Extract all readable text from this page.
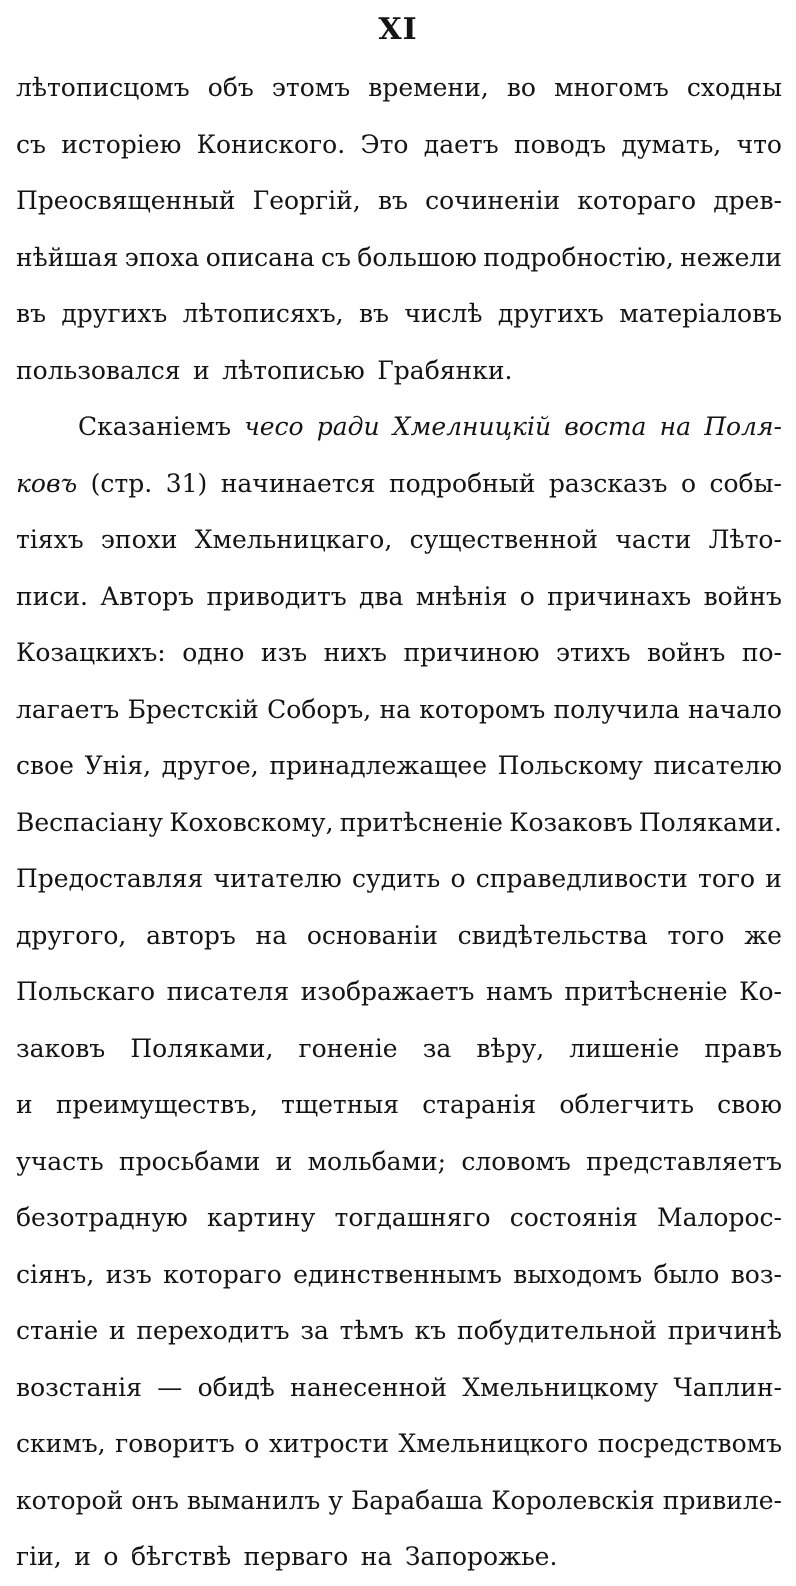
XI
лѣтописцомъ объ этомъ времени, во многомъ сходны
съ исторіею Кониского. Это даетъ поводъ думать, что
Преосвященный Георгій, въ сочиненіи котораго древ-
нѣйшая эпоха описана съ большою подробностію, нежели
въ другихъ лѣтописяхъ, въ числѣ другихъ матеріаловъ
пользовался и лѣтописью Грабянки.
Сказаніемъ чесо ради Хмелницкій воста на Поля-
ковъ (стр. 31) начинается подробный разсказъ о собы-
тіяхъ эпохи Хмельницкаго, существенной части Лѣто-
писи. Авторъ приводитъ два мнѣнія о причинахъ войнъ
Козацкихъ: одно изъ нихъ причиною этихъ войнъ по-
лагаетъ Брестскій Соборъ, на которомъ получила начало
свое Унія, другое, принадлежащее Польскому писателю
Веспасіану Коховскому, притѣсненіе Козаковъ Поляками.
Предоставляя читателю судить о справедливости того и
другого, авторъ на основаніи свидѣтельства того же
Польскаго писателя изображаетъ намъ притѣсненіе Ко-
заковъ Поляками, гоненіе за вѣру, лишеніе правъ
и преимуществъ, тщетныя старанія облегчить свою
участь просьбами и мольбами; словомъ представляетъ
безотрадную картину тогдашняго состоянія Малорос-
сіянъ, изъ котораго единственнымъ выходомъ было воз-
станіе и переходитъ за тѣмъ къ побудительной причинѣ
возстанія — обидѣ нанесенной Хмельницкому Чаплин-
скимъ, говоритъ о хитрости Хмельницкого посредствомъ
которой онъ выманилъ у Барабаша Королевскія привиле-
гіи, и о бѣгствѣ перваго на Запорожье.
